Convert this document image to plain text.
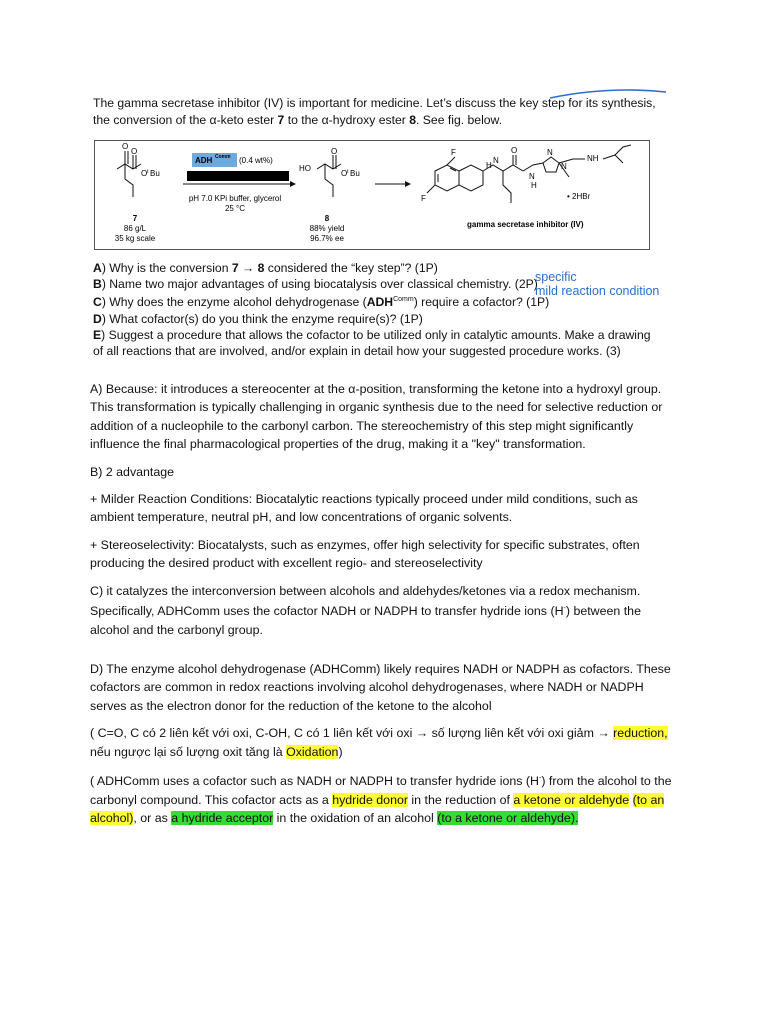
The gamma secretase inhibitor (IV) is important for medicine. Let’s discuss the key step for its synthesis,
the conversion of the α-keto ester 7 to the α-hydroxy ester 8. See fig. below.
O
O
O t Bu
7
86 g/L
35 kg scale
ADH Comm (0.4 wt%)
pH 7.0 KPi buffer, glycerol
25 °C
HO
O
O t Bu
8
88% yield
96.7% ee
F
F
H
N
O
N
H
N
N
NH
• 2HBr
gamma secretase inhibitor (IV)

A) Why is the conversion 7 → 8 considered the “key step”? (1P)

B) Name two major advantages of using biocatalysis over classical chemistry. (2P)

C) Why does the enzyme alcohol dehydrogenase $(ADH^{Comm})$ require a cofactor? (1P)

D) What cofactor(s) do you think the enzyme require(s)? (1P)

E) Suggest a procedure that allows the cofactor to be utilized only in catalytic amounts. Make a drawing
of all reactions that are involved, and/or explain in detail how your suggested procedure works. (3)

specific
mild reaction condition

A) Because: it introduces a stereocenter at the α-position, transforming the ketone into a hydroxyl group. This transformation is typically challenging in organic synthesis due to the need for selective reduction or addition of a nucleophile to the carbonyl carbon. The stereochemistry of this step might significantly influence the final pharmacological properties of the drug, making it a "key" transformation.

B) 2 advantage

+ Milder Reaction Conditions: Biocatalytic reactions typically proceed under mild conditions, such as ambient temperature, neutral pH, and low concentrations of organic solvents.

+ Stereoselectivity: Biocatalysts, such as enzymes, offer high selectivity for specific substrates, often producing the desired product with excellent regio- and stereoselectivity

C) it catalyzes the interconversion between alcohols and aldehydes/ketones via a redox mechanism. Specifically, ADHComm uses the cofactor NADH or NADPH to transfer hydride ions (H-) between the alcohol and the carbonyl group.

D) The enzyme alcohol dehydrogenase (ADHComm) likely requires NADH or NADPH as cofactors. These cofactors are common in redox reactions involving alcohol dehydrogenases, where NADH or NADPH serves as the electron donor for the reduction of the ketone to the alcohol

( C=O, C có 2 liên kết với oxi, C-OH, C có 1 liên kết với oxi → số lượng liên kết với oxi giảm → reduction,
nếu ngược lại số lượng oxit tăng là Oxidation)

( ADHComm uses a cofactor such as NADH or NADPH to transfer hydride ions (H-) from the alcohol to the carbonyl compound. This cofactor acts as a hydride donor in the reduction of a ketone or aldehyde (to an alcohol), or as a hydride acceptor in the oxidation of an alcohol (to a ketone or aldehyde).
